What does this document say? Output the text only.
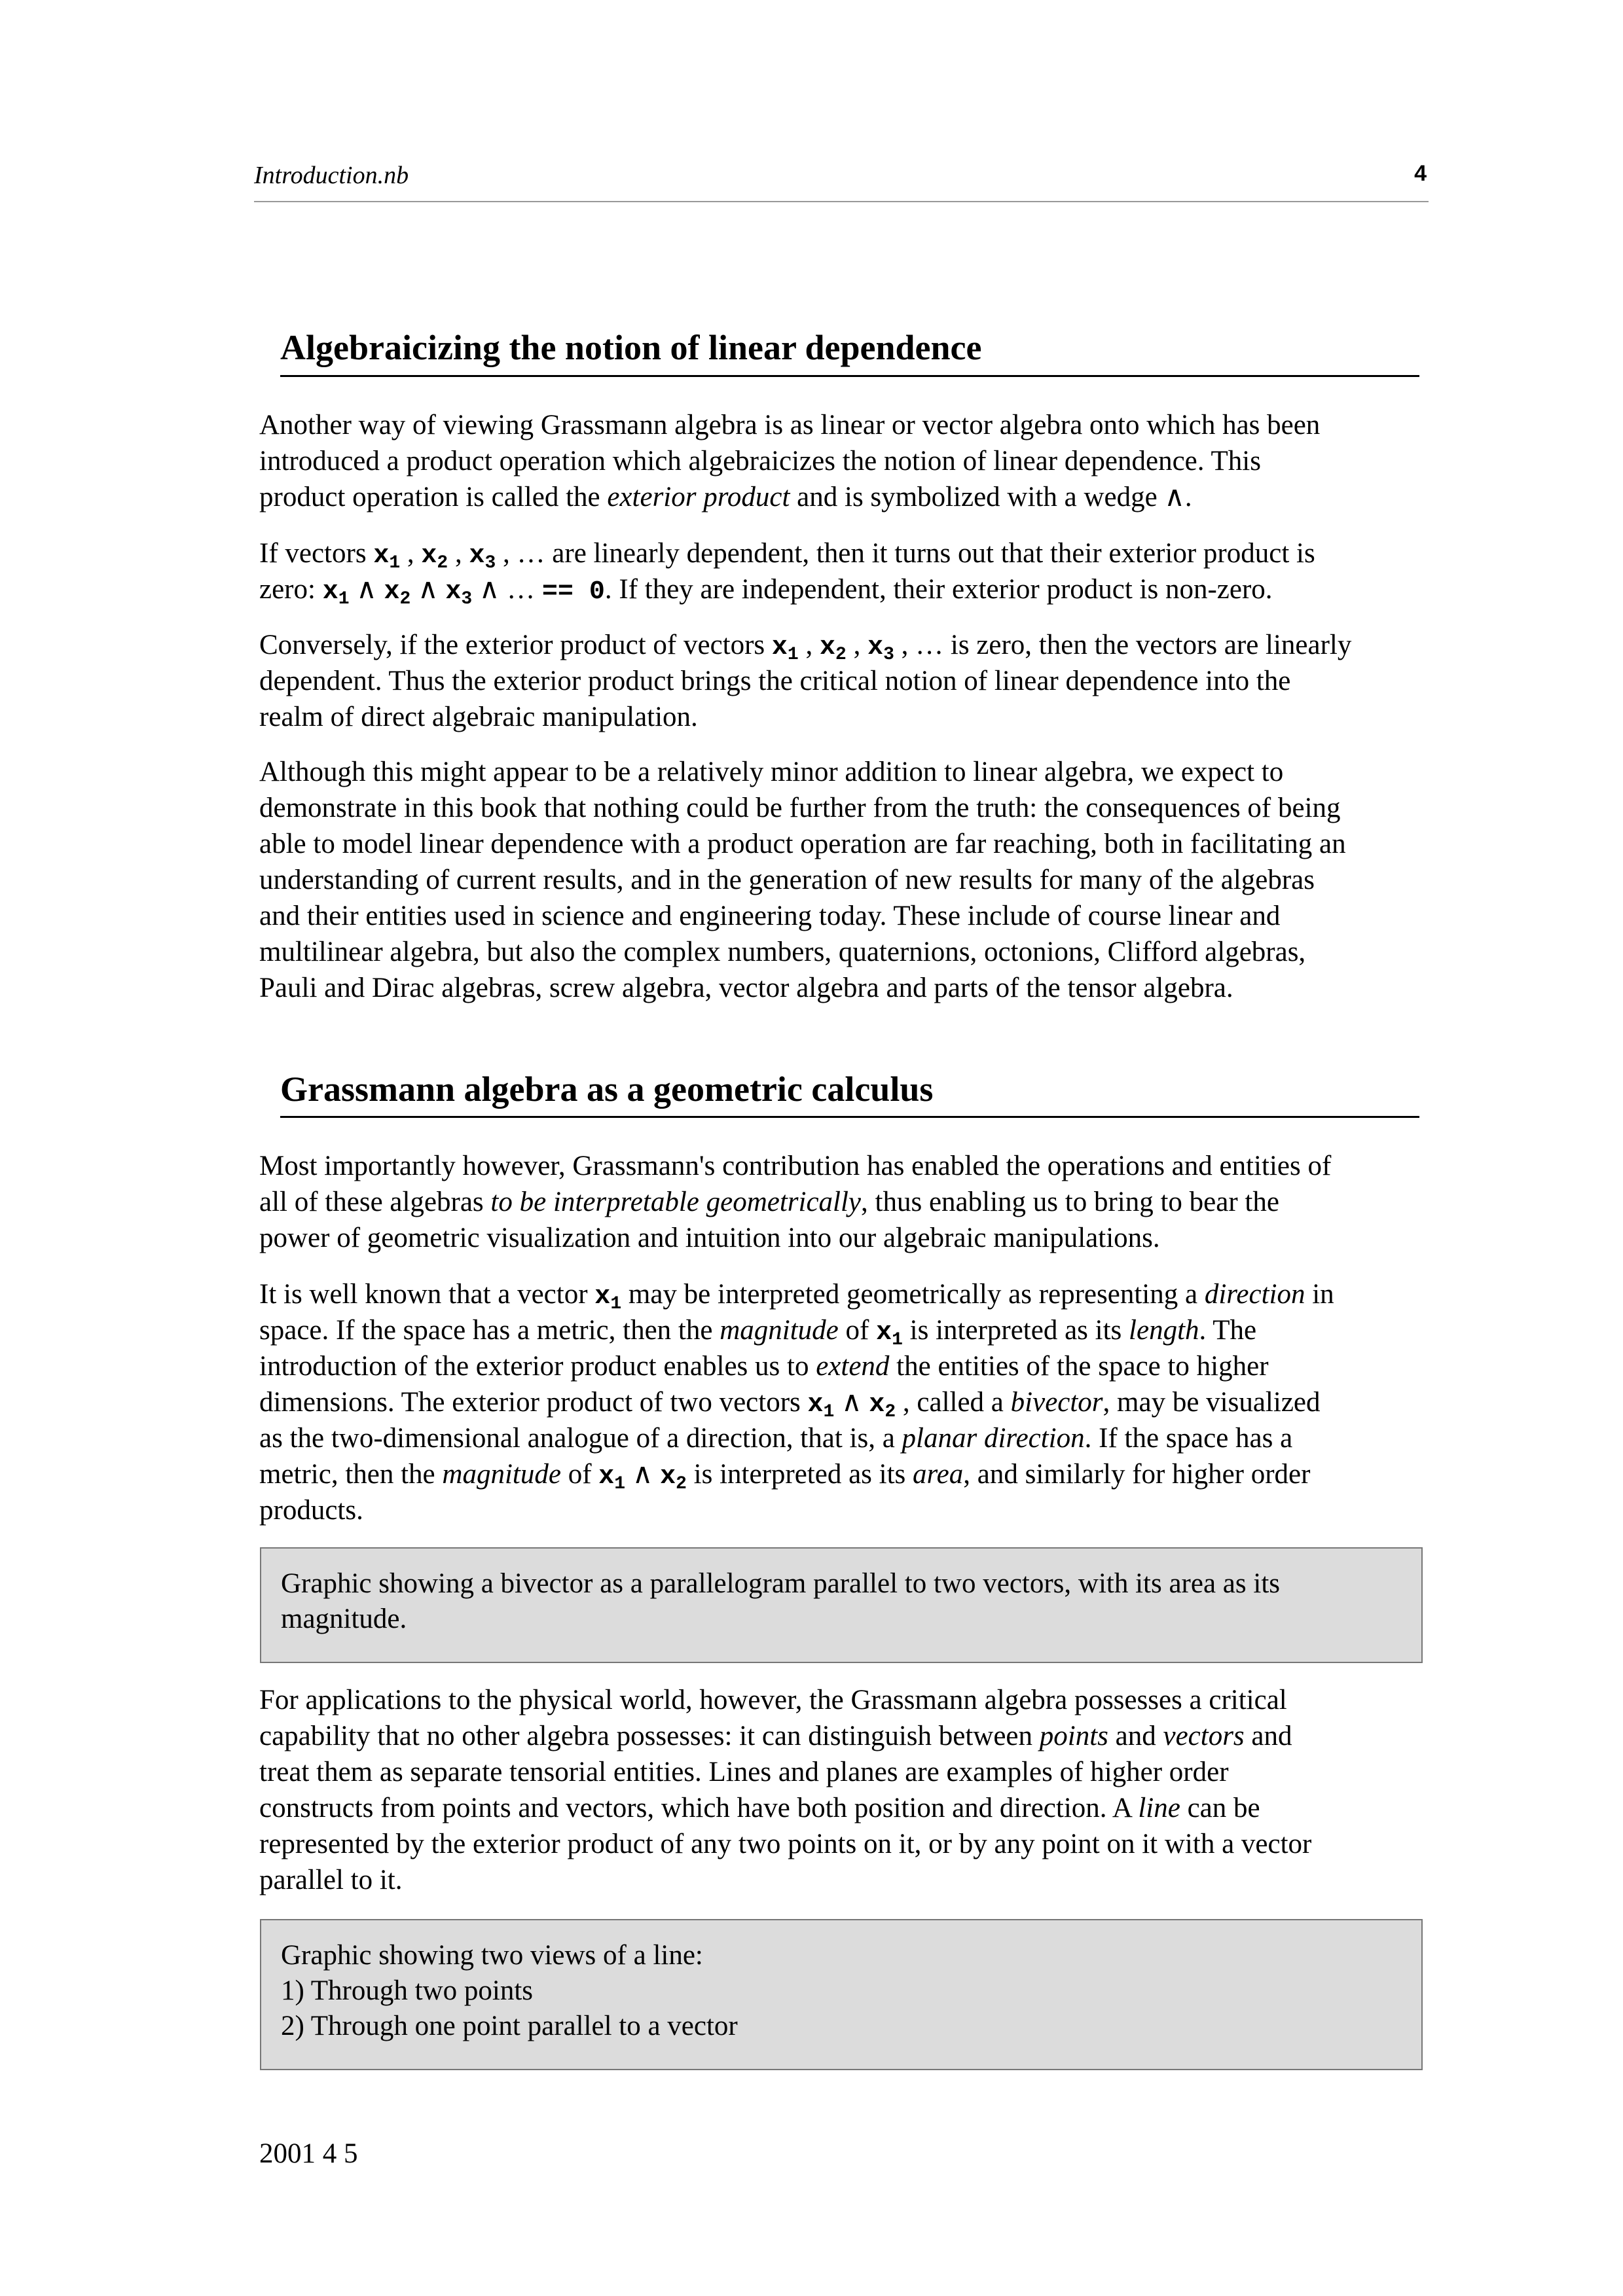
Introduction.nb	4
Algebraicizing the notion of linear dependence
Grassmann algebra as a geometric calculus
Another way of viewing Grassmann algebra is as linear or vector algebra onto which has been
introduced a product operation which algebraicizes the notion of linear dependence. This
product operation is called the exterior product and is symbolized with a wedge ∧.
If vectors $x_1$ , $x_2$ , $x_3$ , … are linearly dependent, then it turns out that their exterior product is
zero: $x_1$ ∧ $x_2$ ∧ $x_3$ ∧ … == 0. If they are independent, their exterior product is non-zero.
Conversely, if the exterior product of vectors $x_1$ , $x_2$ , $x_3$ , … is zero, then the vectors are linearly
dependent. Thus the exterior product brings the critical notion of linear dependence into the
realm of direct algebraic manipulation.
Although this might appear to be a relatively minor addition to linear algebra, we expect to
demonstrate in this book that nothing could be further from the truth: the consequences of being
able to model linear dependence with a product operation are far reaching, both in facilitating an
understanding of current results, and in the generation of new results for many of the algebras
and their entities used in science and engineering today. These include of course linear and
multilinear algebra, but also the complex numbers, quaternions, octonions, Clifford algebras,
Pauli and Dirac algebras, screw algebra, vector algebra and parts of the tensor algebra.
Most importantly however, Grassmann's contribution has enabled the operations and entities of
all of these algebras to be interpretable geometrically, thus enabling us to bring to bear the
power of geometric visualization and intuition into our algebraic manipulations.
It is well known that a vector $x_1$ may be interpreted geometrically as representing a direction in
space. If the space has a metric, then the magnitude of $x_1$ is interpreted as its length. The
introduction of the exterior product enables us to extend the entities of the space to higher
dimensions. The exterior product of two vectors $x_1$ ∧ $x_2$ , called a bivector, may be visualized
as the two-dimensional analogue of a direction, that is, a planar direction. If the space has a
metric, then the magnitude of $x_1$ ∧ $x_2$ is interpreted as its area, and similarly for higher order
products.
Graphic showing a bivector as a parallelogram parallel to two vectors, with its area as its
magnitude.
For applications to the physical world, however, the Grassmann algebra possesses a critical
capability that no other algebra possesses: it can distinguish between points and vectors and
treat them as separate tensorial entities. Lines and planes are examples of higher order
constructs from points and vectors, which have both position and direction. A line can be
represented by the exterior product of any two points on it, or by any point on it with a vector
parallel to it.
Graphic showing two views of a line:
1) Through two points
2) Through one point parallel to a vector
2001 4 5
